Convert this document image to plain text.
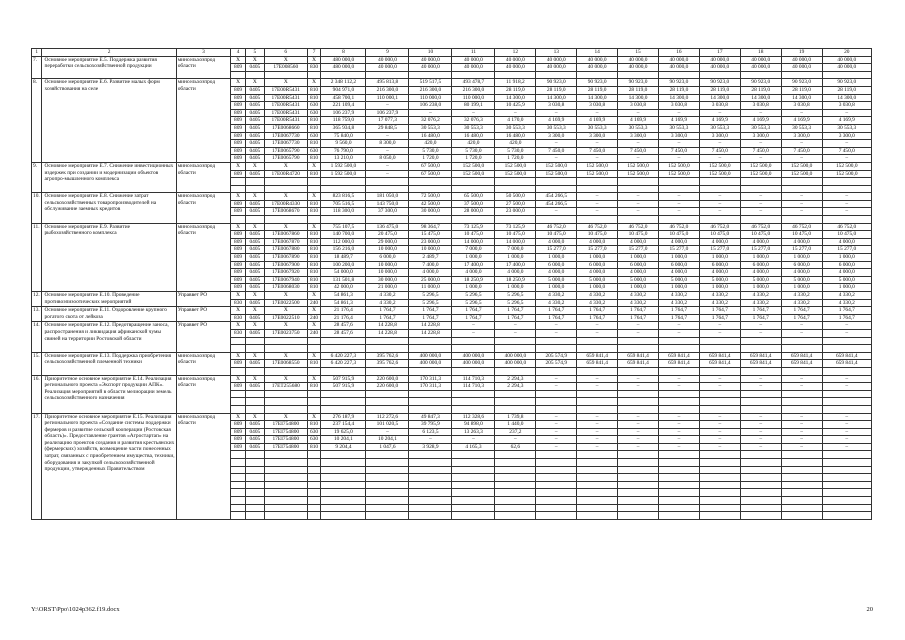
1	2	3	4	5	6	7	8	9	10	11	12	13	14	15	16	17	18	19	20
7.	Основное мероприятие Е.5. Поддержка развития переработки сельскохозяйственной продукции	минсельхозпрод области	X	X	X	X	480 000,0	40 000,0	40 000,0	40 000,0	40 000,0	40 000,0	40 000,0	40 000,0	40 000,0	40 000,0	40 000,0	40 000,0	40 000,0
			809	0405	17Е008560	830	480 000,0	40 000,0	40 000,0	40 000,0	40 000,0	40 000,0	40 000,0	40 000,0	40 000,0	40 000,0	40 000,0	40 000,0	40 000,0

8.	Основное мероприятие Е.6. Развитие малых форм хозяйствования на селе	минсельхозпрод области	X	X	X	X	2 348 112,2	495 813,8	519 517,5	493 478,7	11 918,2	90 923,0	90 923,0	90 923,0	90 923,0	90 923,0	90 923,0	90 923,0	90 923,0
			809	0405	17Е00R5431	810	904 971,0	216 300,0	216 300,0	216 300,0	28 119,0	28 119,0	28 119,0	28 119,0	28 119,0	28 119,0	28 119,0	28 119,0	28 119,0
			809	0405	17Е00R5431	810	458 700,1	110 000,1	110 000,0	110 000,0	14 300,0	14 300,0	14 300,0	14 300,0	14 300,0	14 300,0	14 300,0	14 300,0	14 300,0
			809	0405	17Е00R5431	630	221 109,4	–	106 238,0	80 199,1	10 425,9	3 030,8	3 030,8	3 030,8	3 030,8	3 030,8	3 030,8	3 030,8	3 030,8
			809	0405	17Е00R5431	630	106 237,9	106 237,9	–	–	–	–	–	–	–	–	–	–	–
			809	0405	17Е00R5431	810	118 759,0	17 077,3	32 076,2	32 076,3	4 170,0	4 169,9	4 169,9	4 169,9	4 169,9	4 169,9	4 169,9	4 169,9	4 169,9
			809	0405	17Е0068660	810	365 934,8	29 848,5	30 553,3	30 553,3	30 553,3	30 553,3	30 553,3	30 553,3	30 553,3	30 553,3	30 553,3	30 553,3	30 553,3
			809	0405	17Е0067730	630	75 840,0	–	16 480,0	16 480,0	16 480,0	3 300,0	3 300,0	3 300,0	3 300,0	3 300,0	3 300,0	3 300,0	3 300,0
			809	0405	17Е0067730	810	9 560,0	8 300,0	420,0	420,0	420,0	–	–	–	–	–	–	–	–
			809	0405	17Е0065790	630	76 790,0	–	5 730,0	5 730,0	5 730,0	7 450,0	7 450,0	7 450,0	7 450,0	7 450,0	7 450,0	7 450,0	7 450,0
			809	0405	17Е0065790	810	13 210,0	8 050,0	1 720,0	1 720,0	1 720,0	–	–	–	–	–	–	–	–
9.	Основное мероприятие Е.7. Снижение инвестиционных издержек при создании и модернизации объектов агропро-мышленного комплекса	минсельхозпрод области	X	X	X	X	1 592 500,0	–	67 500,0	152 500,0	152 500,0	152 500,0	152 500,0	152 500,0	152 500,0	152 500,0	152 500,0	152 500,0	152 500,0
			809	0405	17Е00R4720	810	1 592 500,0	–	67 500,0	152 500,0	152 500,0	152 500,0	152 500,0	152 500,0	152 500,0	152 500,0	152 500,0	152 500,0	152 500,0

10.	Основное мероприятие Е.8. Снижение затрат сельскохозяйственных товаропроизводителей на обслуживание заемных кредитов	минсельхозпрод области	X	X	X	X	823 816,5	181 050,0	72 500,0	65 500,0	50 500,0	454 266,5	–	–	–	–	–	–	–
			809	0405	17Е00R4330	810	705 516,5	143 750,0	42 500,0	37 500,0	27 500,0	454 266,5	–	–	–	–	–	–	–
			809	0405	17Е0068670	810	118 300,0	37 300,0	30 000,0	28 000,0	23 000,0	–	–	–	–	–	–	–	–

11.	Основное мероприятие Е.9. Развитие рыбохозяйственного комплекса	минсельхозпрод области	X	X	X	X	755 107,5	136 475,0	98 364,7	73 125,9	73 125,9	46 752,0	46 752,0	46 752,0	46 752,0	46 752,0	46 752,0	46 752,0	46 752,0
			809	0405	17Е0067860	810	140 700,0	20 475,0	15 475,0	10 475,0	10 475,0	10 475,0	10 475,0	10 475,0	10 475,0	10 475,0	10 475,0	10 475,0	10 475,0
			809	0405	17Е0067870	810	112 000,0	29 000,0	23 000,0	14 000,0	14 000,0	4 000,0	4 000,0	4 000,0	4 000,0	4 000,0	4 000,0	4 000,0	4 000,0
			809	0405	17Е0067880	810	156 216,0	10 000,0	10 000,0	7 000,0	7 000,0	15 277,0	15 277,0	15 277,0	15 277,0	15 277,0	15 277,0	15 277,0	15 277,0
			809	0405	17Е0067890	810	18 489,7	6 000,0	2 489,7	1 000,0	1 000,0	1 000,0	1 000,0	1 000,0	1 000,0	1 000,0	1 000,0	1 000,0	1 000,0
			809	0405	17Е0067900	810	100 200,0	10 000,0	7 400,0	17 400,0	17 400,0	6 000,0	6 000,0	6 000,0	6 000,0	6 000,0	6 000,0	6 000,0	6 000,0
			809	0405	17Е0067920	810	54 000,0	10 000,0	4 000,0	4 000,0	4 000,0	4 000,0	4 000,0	4 000,0	4 000,0	4 000,0	4 000,0	4 000,0	4 000,0
			809	0405	17Е0067940	810	131 501,8	30 000,0	25 000,0	18 250,9	18 250,9	5 000,0	5 000,0	5 000,0	5 000,0	5 000,0	5 000,0	5 000,0	5 000,0
			809	0405	17Е0068030	810	42 000,0	21 000,0	11 000,0	1 000,0	1 000,0	1 000,0	1 000,0	1 000,0	1 000,0	1 000,0	1 000,0	1 000,0	1 000,0
12.	Основное мероприятие Е.10. Проведение противоэпизоотических мероприятий	Управвет РО	X	X	X	X	54 861,3	4 330,2	5 296,5	5 296,5	5 296,5	4 330,2	4 330,2	4 330,2	4 330,2	4 330,2	4 330,2	4 330,2	4 330,2
			830	0405	17Е0022500	240	54 861,3	4 330,2	5 296,5	5 296,5	5 296,5	4 330,2	4 330,2	4 330,2	4 330,2	4 330,2	4 330,2	4 330,2	4 330,2
13.	Основное мероприятие Е.11. Оздоровление крупного рогатого скота от лейкоза	Управвет РО	X	X	X	X	21 176,4	1 764,7	1 764,7	1 764,7	1 764,7	1 764,7	1 764,7	1 764,7	1 764,7	1 764,7	1 764,7	1 764,7	1 764,7
			830	0405	17Е0022510	240	21 176,4	1 764,7	1 764,7	1 764,7	1 764,7	1 764,7	1 764,7	1 764,7	1 764,7	1 764,7	1 764,7	1 764,7	1 764,7
14.	Основное мероприятие Е.12. Предотвращение заноса, распространения и ликвидация африканской чумы свиней на территории Ростовской области	Управвет РО	X	X	X	X	28 457,6	14 228,8	14 228,8	–	–	–	–	–	–	–	–	–	–
			830	0405	17Е0023750	240	28 457,6	14 228,8	14 228,8	–	–	–	–	–	–	–	–	–	–

15.	Основное мероприятие Е.13. Поддержка приобретения сельскохозяйственной племенной техники	минсельхозпрод области	X	X	X	X	6 420 227,3	395 762,6	400 000,0	400 000,0	400 000,0	205 574,9	659 841,4	659 841,4	659 841,4	659 841,4	659 841,4	659 841,4	659 841,4
			809	0405	17Е0068550	810	6 420 227,3	395 762,6	400 000,0	400 000,0	400 000,0	205 574,9	659 841,4	659 841,4	659 841,4	659 841,4	659 841,4	659 841,4	659 841,4

16.	Приоритетное основное мероприятие Е.14. Реализация регионального проекта «Экспорт продукции АПК». Реализация мероприятий в области мелиорации земель сельскохозяйственного назначения	минсельхозпрод области	X	X	X	X	507 915,9	220 600,0	170 311,3	114 710,3	2 294,3	–	–	–	–	–	–	–	–
			809	0405	17ЕТ255680	810	507 915,9	220 600,0	170 311,3	114 710,3	2 294,3	–	–	–	–	–	–	–	–

17.	Приоритетное основное мероприятие Е.15. Реализация регионального проекта «Создание системы поддержки фермеров и развитие сельской кооперации (Ростовская область)». Предоставление грантов «Агростартап» на реализацию проектов создания и развития крестьянских (фермерских) хозяйств, возмещение части понесенных затрат, связанных с приобретением имущества, техники, оборудования и закупкой сельскохозяйственной продукции, утвержденных Правительством	минсельхозпрод области	X	X	X	X	276 187,9	112 272,6	49 847,3	112 328,6	1 739,8	–	–	–	–	–	–	–	–
			809	0405	17ЕI754800	810	237 154,4	101 020,5	39 795,9	94 898,0	1 440,0	–	–	–	–	–	–	–	–
			809	0405	17ЕI754800	630	19 625,0	–	6 123,5	13 263,3	237,2	–	–	–	–	–	–	–	–
			809	0405	17ЕI754800	630	10 204,1	10 204,1	–	–	–	–	–	–	–	–	–	–	–
			809	0405	17ЕI754800	810	9 204,4	1 047,6	3 928,9	4 165,3	62,6	–	–	–	–	–	–	–	–

Y:\ORST\Ppo\1024p362.f19.docx	20
